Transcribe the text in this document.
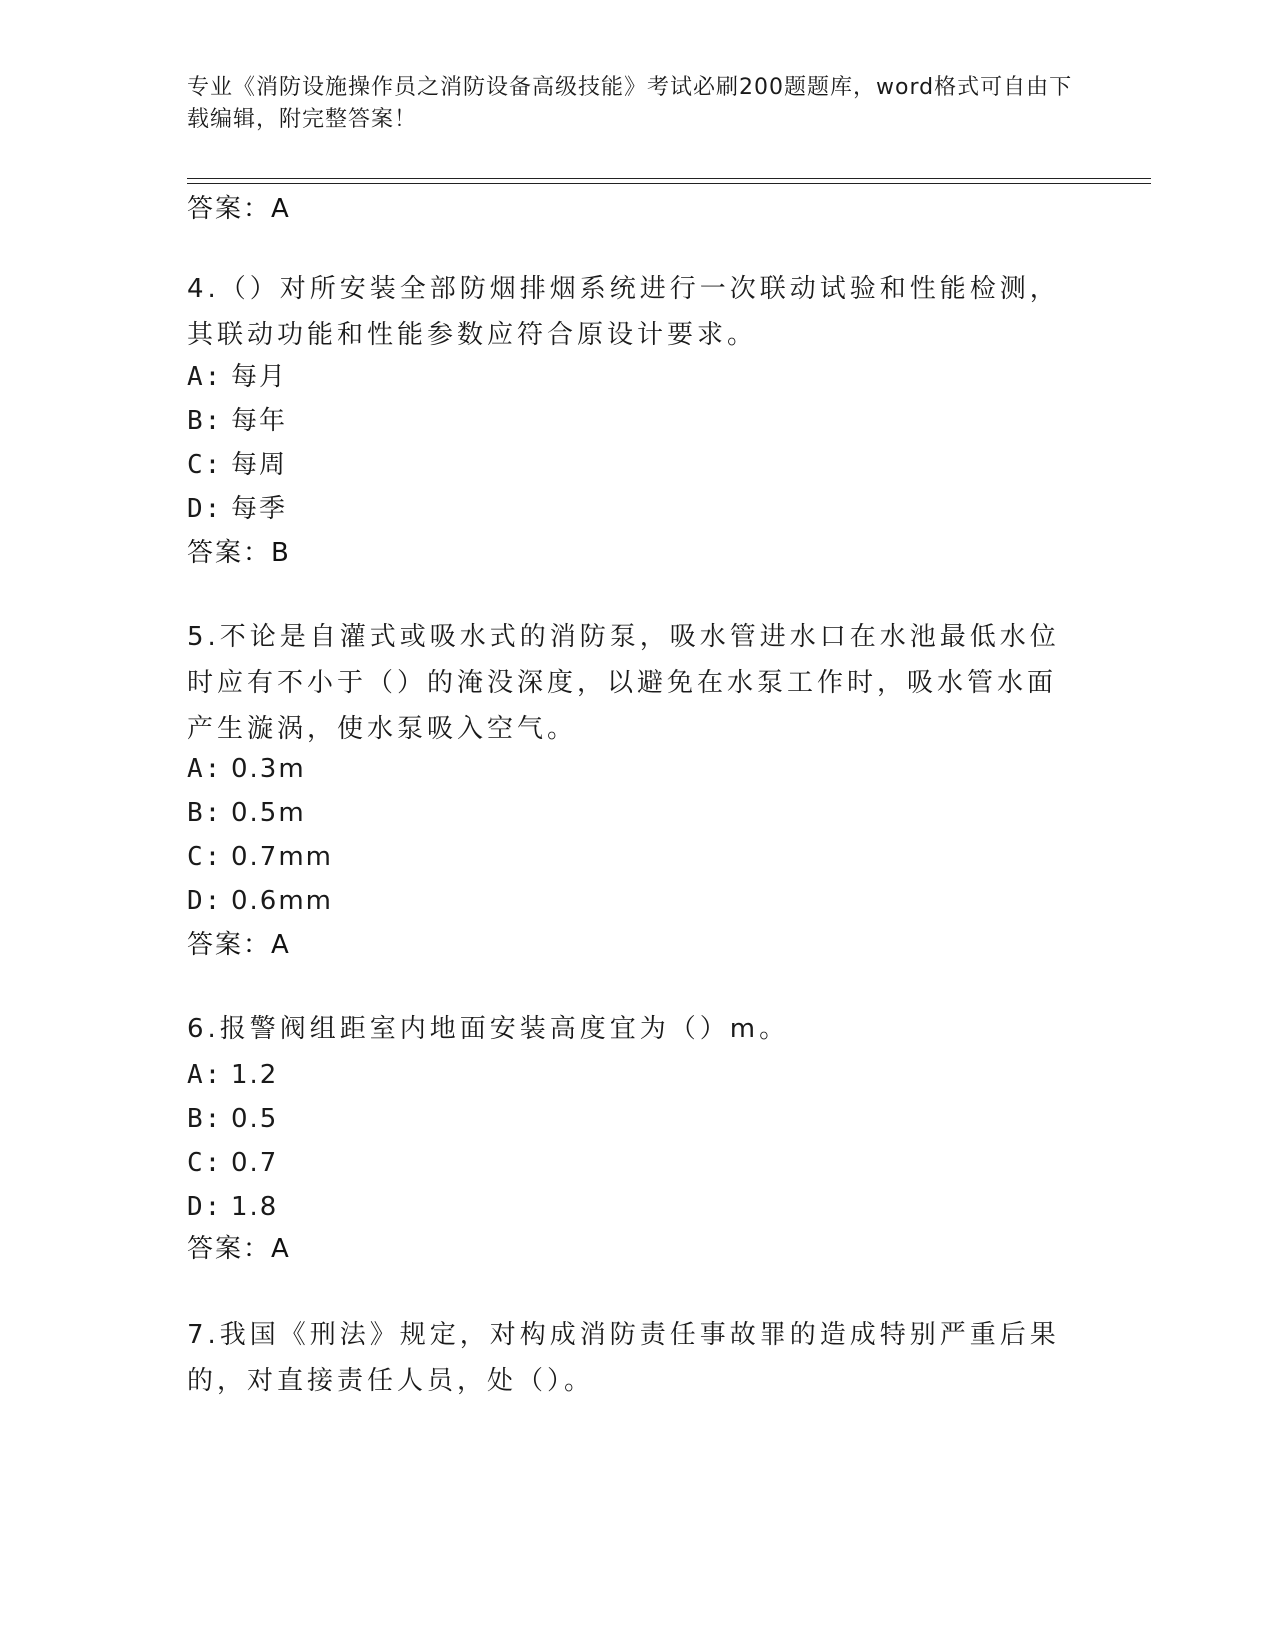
专业《消防设施操作员之消防设备高级技能》考试必刷200题题库，word格式可自由下载编辑，附完整答案！
答案：A
4.（）对所安装全部防烟排烟系统进行一次联动试验和性能检测，其联动功能和性能参数应符合原设计要求。
A: 每月
B: 每年
C: 每周
D: 每季
答案：B
5.不论是自灌式或吸水式的消防泵，吸水管进水口在水池最低水位时应有不小于（）的淹没深度，以避免在水泵工作时，吸水管水面产生漩涡，使水泵吸入空气。
A: 0.3m
B: 0.5m
C: 0.7mm
D: 0.6mm
答案：A
6.报警阀组距室内地面安装高度宜为（）m。
A: 1.2
B: 0.5
C: 0.7
D: 1.8
答案：A
7.我国《刑法》规定，对构成消防责任事故罪的造成特别严重后果的，对直接责任人员，处（）。
